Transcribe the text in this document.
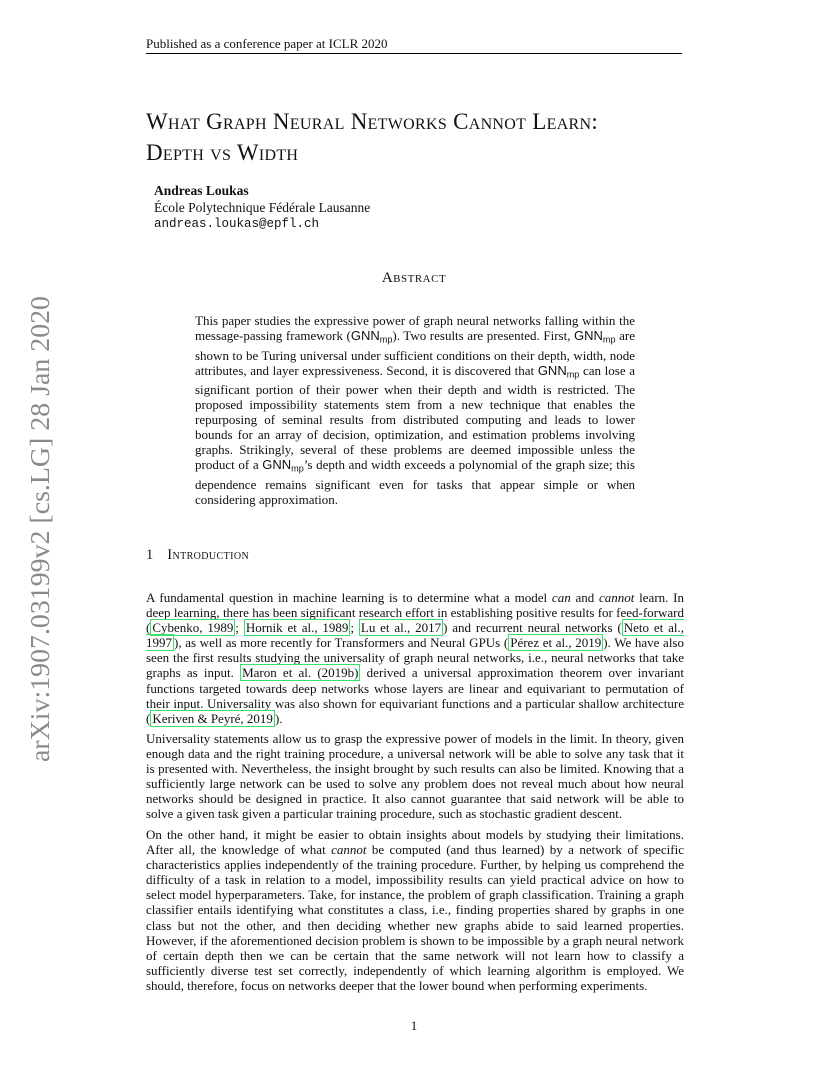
Published as a conference paper at ICLR 2020
arXiv:1907.03199v2 [cs.LG] 28 Jan 2020
What Graph Neural Networks Cannot Learn:
Depth vs Width
Andreas Loukas
École Polytechnique Fédérale Lausanne
andreas.loukas@epfl.ch
Abstract
This paper studies the expressive power of graph neural networks falling within the message-passing framework $(GNN_{mp})$. Two results are presented. First, $GNN_{mp}$ are shown to be Turing universal under sufficient conditions on their depth, width, node attributes, and layer expressiveness. Second, it is discovered that $GNN_{mp}$ can lose a significant portion of their power when their depth and width is restricted. The proposed impossibility statements stem from a new technique that enables the repurposing of seminal results from distributed computing and leads to lower bounds for an array of decision, optimization, and estimation problems involving graphs. Strikingly, several of these problems are deemed impossible unless the product of a $GNN_{mp}’s$ depth and width exceeds a polynomial of the graph size; this dependence remains significant even for tasks that appear simple or when considering approximation.
1 Introduction
A fundamental question in machine learning is to determine what a model can and cannot learn. In deep learning, there has been significant research effort in establishing positive results for feed-forward ( Cybenko, 1989 ; Hornik et al., 1989 ; Lu et al., 2017 ) and recurrent neural networks ( Neto et al., 1997 ), as well as more recently for Transformers and Neural GPUs ( Pérez et al., 2019 ). We have also seen the first results studying the universality of graph neural networks, i.e., neural networks that take graphs as input. Maron et al. (2019b) derived a universal approximation theorem over invariant functions targeted towards deep networks whose layers are linear and equivariant to permutation of their input. Universality was also shown for equivariant functions and a particular shallow architecture ( Keriven & Peyré, 2019 ).
Universality statements allow us to grasp the expressive power of models in the limit. In theory, given enough data and the right training procedure, a universal network will be able to solve any task that it is presented with. Nevertheless, the insight brought by such results can also be limited. Knowing that a sufficiently large network can be used to solve any problem does not reveal much about how neural networks should be designed in practice. It also cannot guarantee that said network will be able to solve a given task given a particular training procedure, such as stochastic gradient descent.
On the other hand, it might be easier to obtain insights about models by studying their limitations. After all, the knowledge of what cannot be computed (and thus learned) by a network of specific characteristics applies independently of the training procedure. Further, by helping us comprehend the difficulty of a task in relation to a model, impossibility results can yield practical advice on how to select model hyperparameters. Take, for instance, the problem of graph classification. Training a graph classifier entails identifying what constitutes a class, i.e., finding properties shared by graphs in one class but not the other, and then deciding whether new graphs abide to said learned properties. However, if the aforementioned decision problem is shown to be impossible by a graph neural network of certain depth then we can be certain that the same network will not learn how to classify a sufficiently diverse test set correctly, independently of which learning algorithm is employed. We should, therefore, focus on networks deeper that the lower bound when performing experiments.
1
